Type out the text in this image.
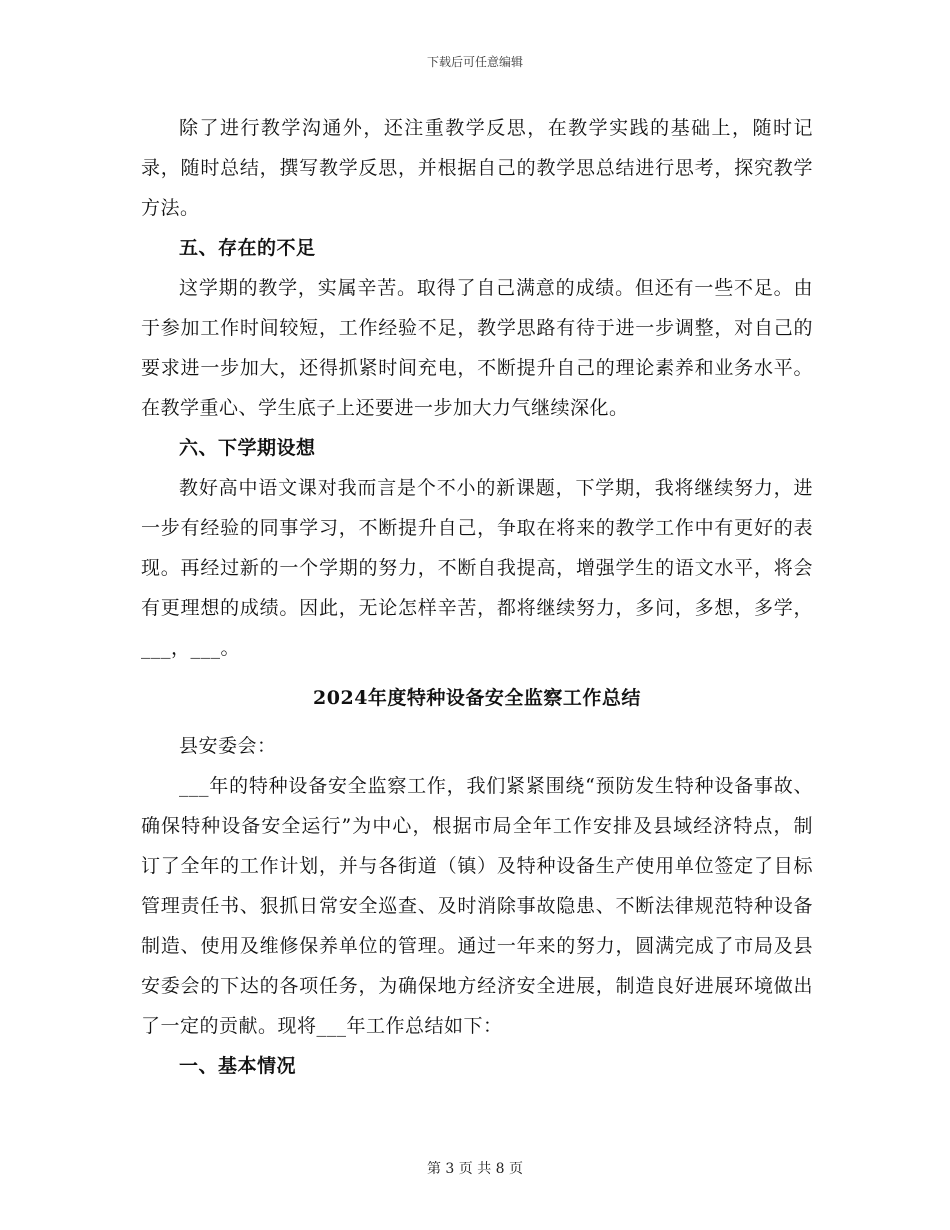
下载后可任意编辑

除了进行教学沟通外，还注重教学反思，在教学实践的基础上，随时记录，随时总结，撰写教学反思，并根据自己的教学思总结进行思考，探究教学方法。

五、存在的不足

这学期的教学，实属辛苦。取得了自己满意的成绩。但还有一些不足。由于参加工作时间较短，工作经验不足，教学思路有待于进一步调整，对自己的要求进一步加大，还得抓紧时间充电，不断提升自己的理论素养和业务水平。在教学重心、学生底子上还要进一步加大力气继续深化。

六、下学期设想

教好高中语文课对我而言是个不小的新课题，下学期，我将继续努力，进一步有经验的同事学习，不断提升自己，争取在将来的教学工作中有更好的表现。再经过新的一个学期的努力，不断自我提高，增强学生的语文水平，将会有更理想的成绩。因此，无论怎样辛苦，都将继续努力，多问，多想，多学，___，___。

2024年度特种设备安全监察工作总结

县安委会：

___年的特种设备安全监察工作，我们紧紧围绕“预防发生特种设备事故、确保特种设备安全运行”为中心，根据市局全年工作安排及县域经济特点，制订了全年的工作计划，并与各街道（镇）及特种设备生产使用单位签定了目标管理责任书、狠抓日常安全巡查、及时消除事故隐患、不断法律规范特种设备制造、使用及维修保养单位的管理。通过一年来的努力，圆满完成了市局及县安委会的下达的各项任务，为确保地方经济安全进展，制造良好进展环境做出了一定的贡献。现将___年工作总结如下：

一、基本情况

第 3 页 共 8 页
